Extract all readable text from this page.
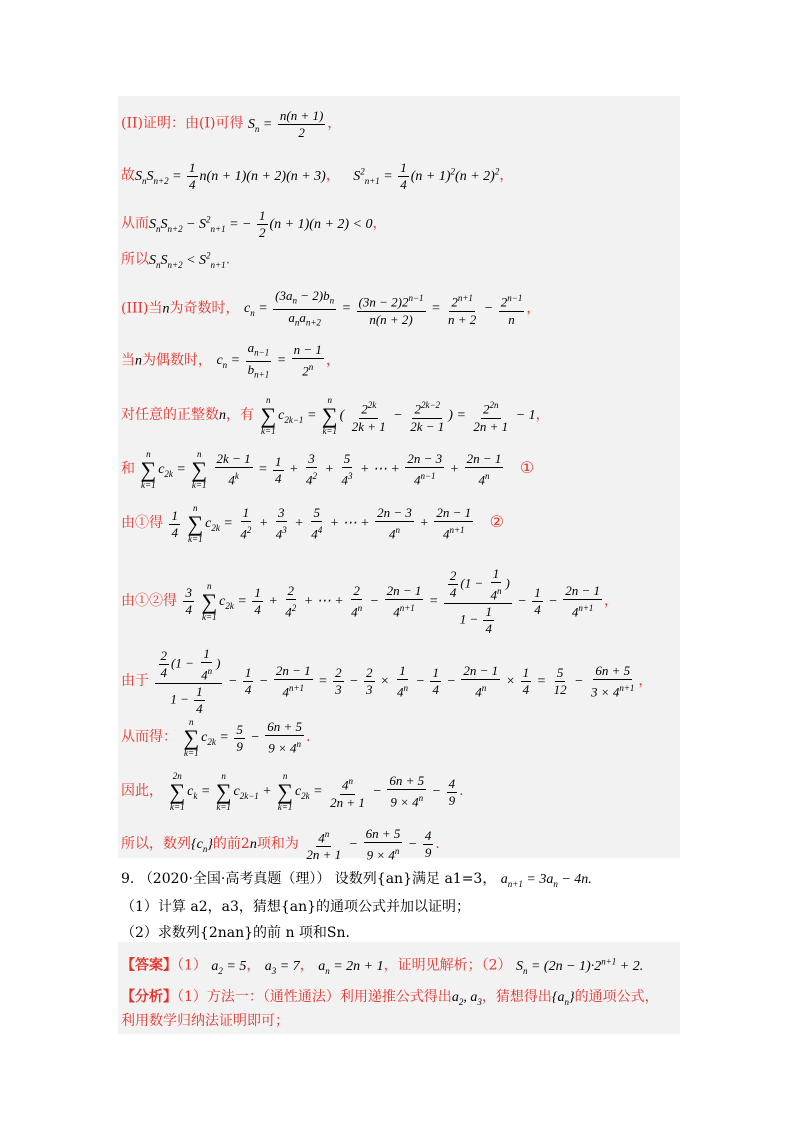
(II)证明：由(I)可得 $S_n = \frac{n(n + 1)}{2}$ ，
故$S_nS_{n+2} = \frac{1}{4} n(n + 1)(n + 2)(n + 3)$， $S^2_{n+1} = \frac{1}{4} (n + 1)^2(n + 2)^2$，
从而$S_nS_{n+2} - S^2_{n+1}$ = − $\frac{1}{2} (n + 1)(n + 2) < 0$，
所以$S_nS_{n+2} < S^2_{n+1}$.
(III)当n为奇数时， $c_n = \frac{(3a_n - 2)b_n}{a_na_{n+2}} = \frac{(3n - 2)2^{n-1}}{n(n + 2)} = \frac{2^{n+1}}{n + 2} - \frac{2^{n-1}}{n}$ ，
当n为偶数时， $c_n = \frac{a_{n-1}}{b_{n+1}} = \frac{n - 1}{2^n}$ ，
对任意的正整数n，有
n
∑
k=1
$c_{2k-1}$ =
n
∑
k=1
( $\frac{2^{2k}}{2k + 1} - \frac{2^{2k-2}}{2k - 1}$ ) = $\frac{2^{2n}}{2n + 1} - 1$，
和
n
∑
k=1
$c_{2k}$ =
n
∑
k=1
$\frac{2k - 1}{4^k} = \frac{1}{4} + \frac{3}{4^2} + \frac{5}{4^3}$ + ⋯ + $\frac{2n - 3}{4^{n-1}} + \frac{2n - 1}{4^n}$ ①
由①得 $\frac{1}{4}$
n
∑
k=1
$c_{2k} = \frac{1}{4^2} + \frac{3}{4^3} + \frac{5}{4^4}$ + ⋯ + $\frac{2n - 3}{4^n} + \frac{2n - 1}{4^{n+1}}$ ②
由①②得 $\frac{3}{4}$
n
∑
k=1
$c_{2k} = \frac{1}{4} + \frac{2}{4^2}$ + ⋯ + $\frac{2}{4^n} - \frac{2n - 1}{4^{n+1}} = \frac{\frac{2}{4} (1 - \frac{1}{4^n} )}{1 - \frac{1}{4}} - \frac{1}{4} - \frac{2n - 1}{4^{n+1}}$ ，
由于 $\frac{\frac{2}{4} (1 - \frac{1}{4^n} )}{1 - \frac{1}{4}} - \frac{1}{4} - \frac{2n - 1}{4^{n+1}} = \frac{2}{3} - \frac{2}{3} \times \frac{1}{4^n} - \frac{1}{4} - \frac{2n - 1}{4^n} \times \frac{1}{4} = \frac{5}{12} - \frac{6n + 5}{3 \times 4^{n+1}}$ ，
从而得：
n
∑
k=1
$c_{2k} = \frac{5}{9} - \frac{6n + 5}{9 \times 4^n}$ .
因此，
2n
∑
k=1
$c_k$ =
n
∑
k=1
$c_{2k-1}$ +
n
∑
k=1
$c_{2k} = \frac{4^n}{2n + 1} - \frac{6n + 5}{9 \times 4^n} - \frac{4}{9}$ .
所以，数列$\{c_n\}$的前2n项和为 $\frac{4^n}{2n + 1} - \frac{6n + 5}{9 \times 4^n} - \frac{4}{9}$ .
9. （2020·全国·高考真题（理）） 设数列{an}满足 a1=3， $a_{n+1} = 3a_n - 4n$.
（1）计算 a2，a3，猜想{an}的通项公式并加以证明；
（2）求数列{2nan}的前 n 项和Sn.
【答案】（1） $a_2 = 5$， $a_3 = 7$， $a_n = 2n + 1$，证明见解析；（2） $S_n = (2n - 1)\cdot 2^{n+1} + 2$.
【分析】（1）方法一：（通性通法）利用递推公式得出$a_2$, $a_3$，猜想得出$\{a_n\}$的通项公式，
利用数学归纳法证明即可；
